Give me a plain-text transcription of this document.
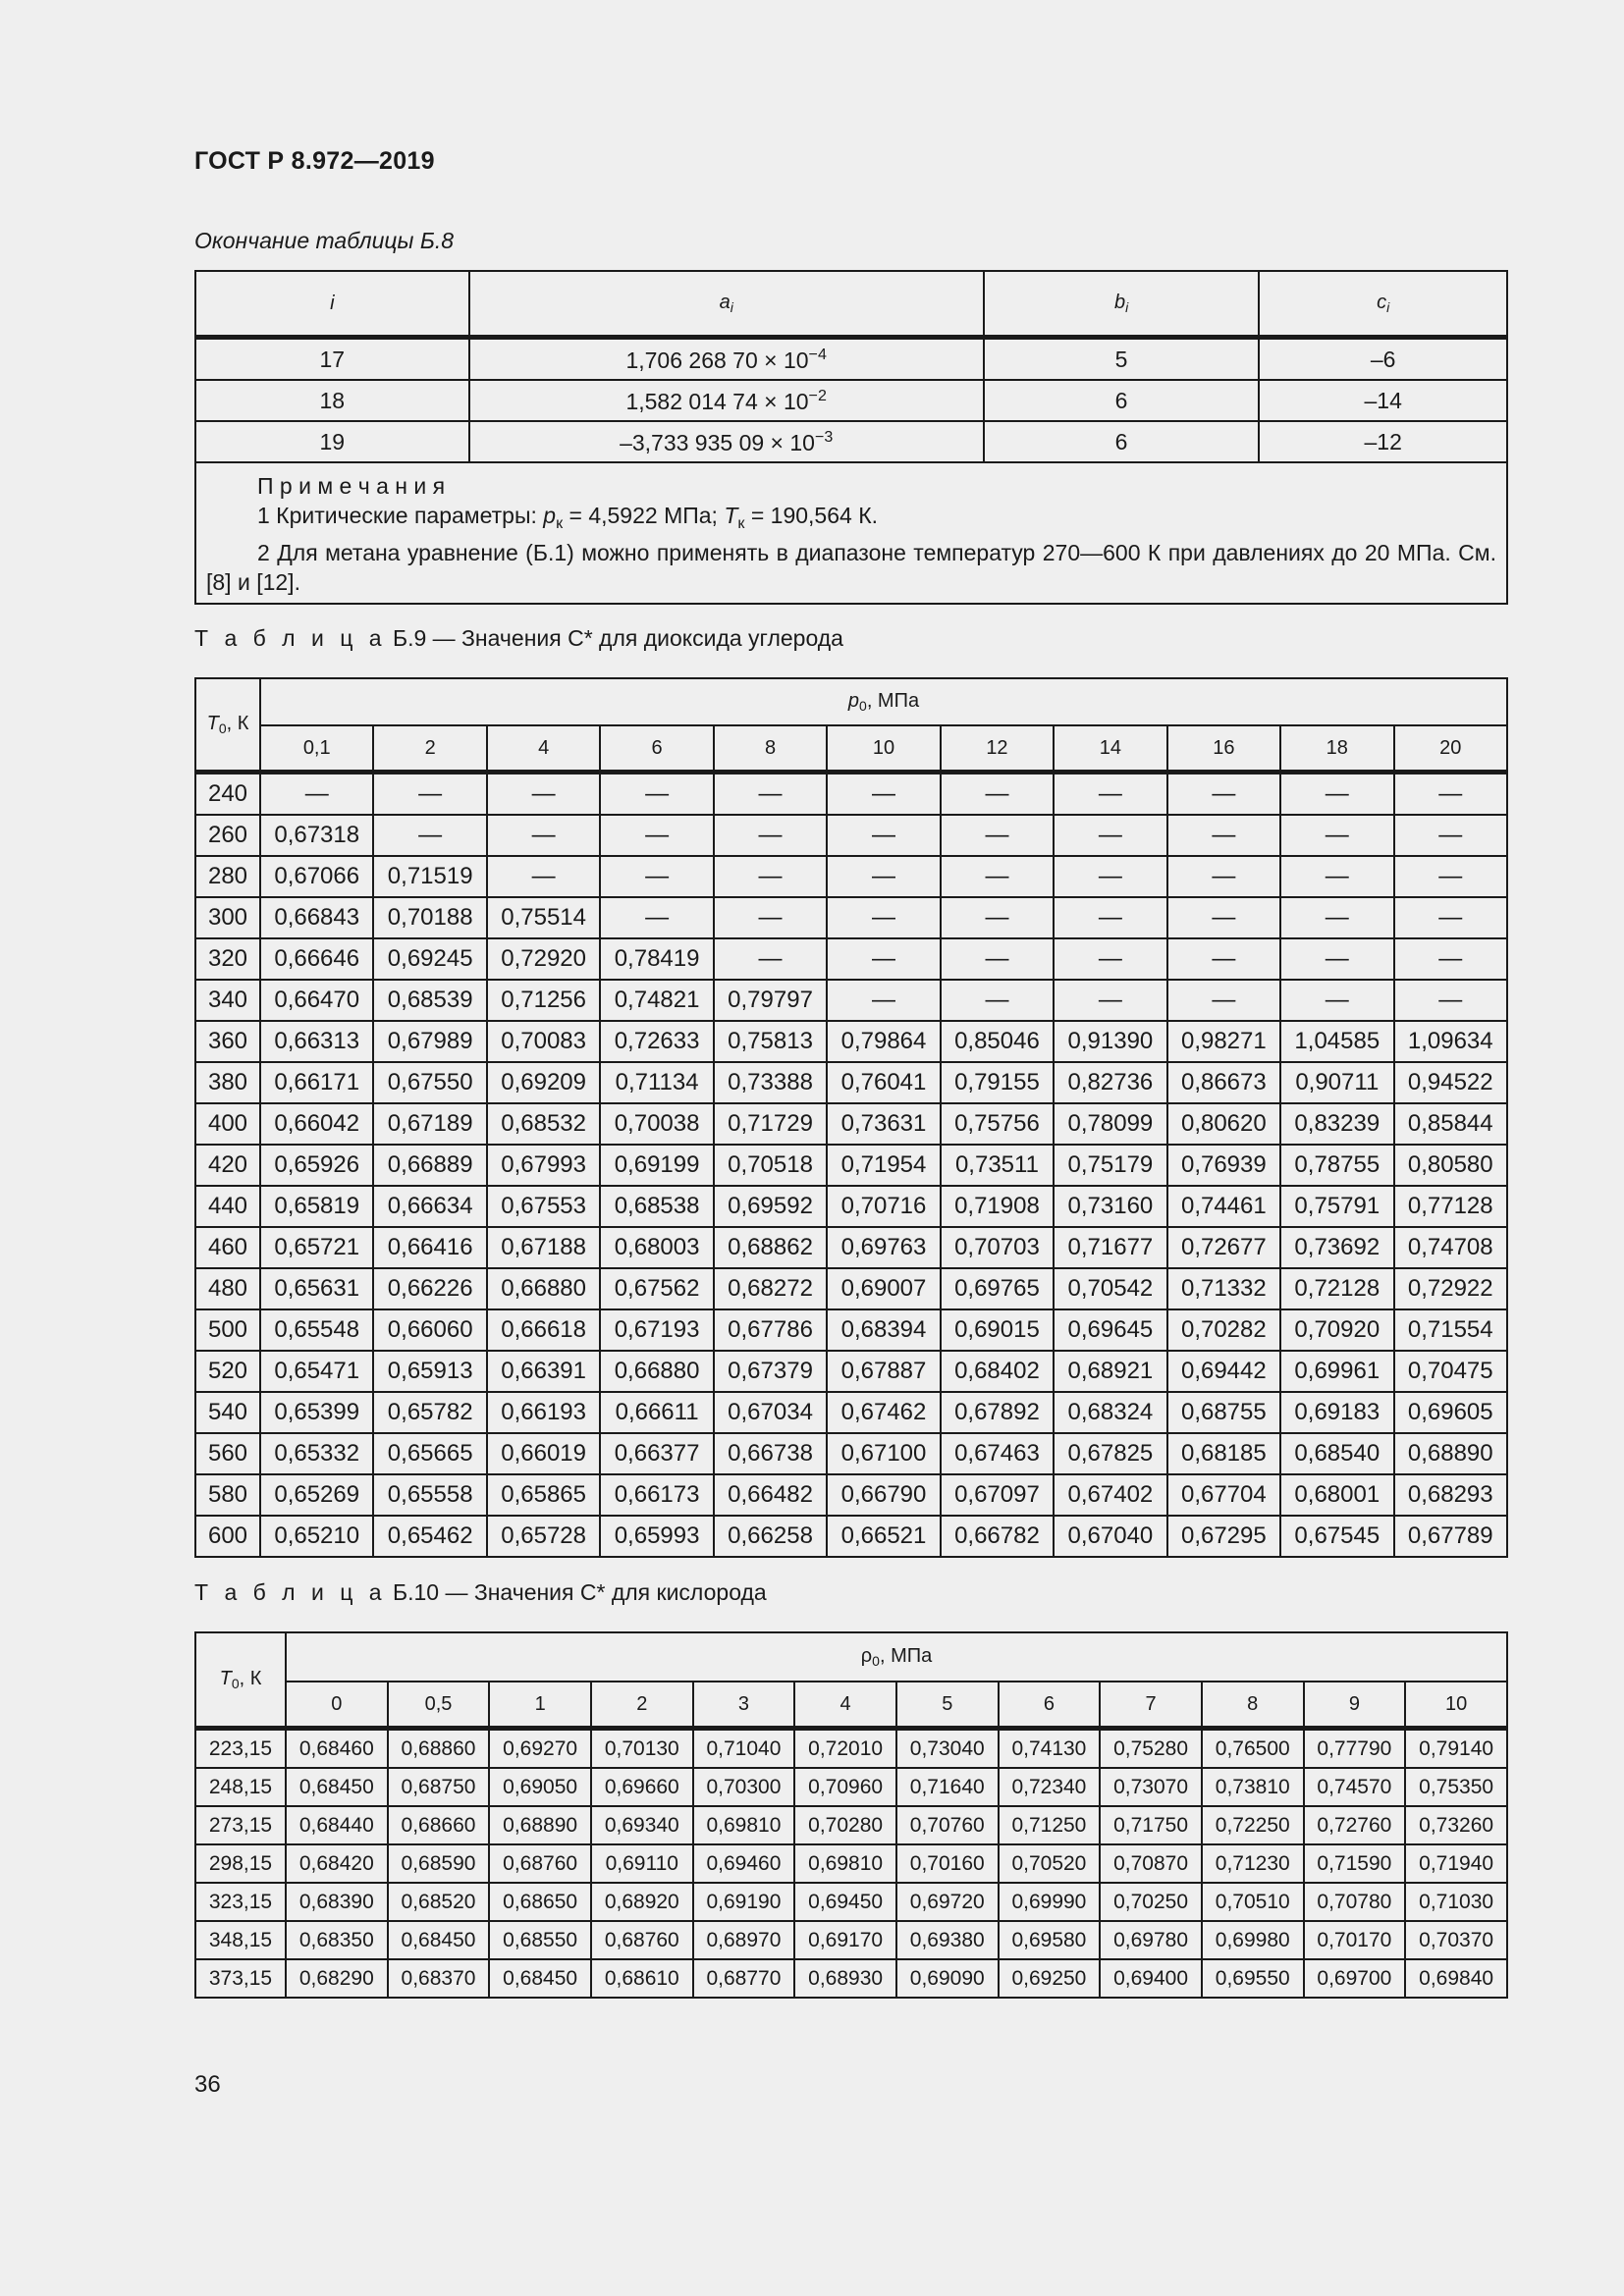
ГОСТ Р 8.972—2019
Окончание таблицы Б.8
i	$a_i$	$b_i$	$c_i$
17	1,706 268 $70 \times 10^{-4}$	5	–6
18	1,582 014 $74 \times 10^{-2}$	6	–14
19	–3,733 935 $09 \times 10^{-3}$	6	–12

П р и м е ч а н и я
1 Критические параметры: $p_к = 4,5922$ МПа; $T_к = 190,564$ К.
2 Для метана уравнение (Б.1) можно применять в диапазоне температур 270—600 К при давлениях до 20 МПа. См. [8] и [12].			
Т а б л и ц а Б.9 — Значения C* для диоксида углерода
$T_0$, К	$p_0$, МПа										
	0,1	2	4	6	8	10	12	14	16	18	20
240	—	—	—	—	—	—	—	—	—	—	—
260	0,67318	—	—	—	—	—	—	—	—	—	—
280	0,67066	0,71519	—	—	—	—	—	—	—	—	—
300	0,66843	0,70188	0,75514	—	—	—	—	—	—	—	—
320	0,66646	0,69245	0,72920	0,78419	—	—	—	—	—	—	—
340	0,66470	0,68539	0,71256	0,74821	0,79797	—	—	—	—	—	—
360	0,66313	0,67989	0,70083	0,72633	0,75813	0,79864	0,85046	0,91390	0,98271	1,04585	1,09634
380	0,66171	0,67550	0,69209	0,71134	0,73388	0,76041	0,79155	0,82736	0,86673	0,90711	0,94522
400	0,66042	0,67189	0,68532	0,70038	0,71729	0,73631	0,75756	0,78099	0,80620	0,83239	0,85844
420	0,65926	0,66889	0,67993	0,69199	0,70518	0,71954	0,73511	0,75179	0,76939	0,78755	0,80580
440	0,65819	0,66634	0,67553	0,68538	0,69592	0,70716	0,71908	0,73160	0,74461	0,75791	0,77128
460	0,65721	0,66416	0,67188	0,68003	0,68862	0,69763	0,70703	0,71677	0,72677	0,73692	0,74708
480	0,65631	0,66226	0,66880	0,67562	0,68272	0,69007	0,69765	0,70542	0,71332	0,72128	0,72922
500	0,65548	0,66060	0,66618	0,67193	0,67786	0,68394	0,69015	0,69645	0,70282	0,70920	0,71554
520	0,65471	0,65913	0,66391	0,66880	0,67379	0,67887	0,68402	0,68921	0,69442	0,69961	0,70475
540	0,65399	0,65782	0,66193	0,66611	0,67034	0,67462	0,67892	0,68324	0,68755	0,69183	0,69605
560	0,65332	0,65665	0,66019	0,66377	0,66738	0,67100	0,67463	0,67825	0,68185	0,68540	0,68890
580	0,65269	0,65558	0,65865	0,66173	0,66482	0,66790	0,67097	0,67402	0,67704	0,68001	0,68293
600	0,65210	0,65462	0,65728	0,65993	0,66258	0,66521	0,66782	0,67040	0,67295	0,67545	0,67789
Т а б л и ц а Б.10 — Значения C* для кислорода
$T_0$, К	$\rho_0$, МПа											
	0	0,5	1	2	3	4	5	6	7	8	9	10
223,15	0,68460	0,68860	0,69270	0,70130	0,71040	0,72010	0,73040	0,74130	0,75280	0,76500	0,77790	0,79140
248,15	0,68450	0,68750	0,69050	0,69660	0,70300	0,70960	0,71640	0,72340	0,73070	0,73810	0,74570	0,75350
273,15	0,68440	0,68660	0,68890	0,69340	0,69810	0,70280	0,70760	0,71250	0,71750	0,72250	0,72760	0,73260
298,15	0,68420	0,68590	0,68760	0,69110	0,69460	0,69810	0,70160	0,70520	0,70870	0,71230	0,71590	0,71940
323,15	0,68390	0,68520	0,68650	0,68920	0,69190	0,69450	0,69720	0,69990	0,70250	0,70510	0,70780	0,71030
348,15	0,68350	0,68450	0,68550	0,68760	0,68970	0,69170	0,69380	0,69580	0,69780	0,69980	0,70170	0,70370
373,15	0,68290	0,68370	0,68450	0,68610	0,68770	0,68930	0,69090	0,69250	0,69400	0,69550	0,69700	0,69840
36
